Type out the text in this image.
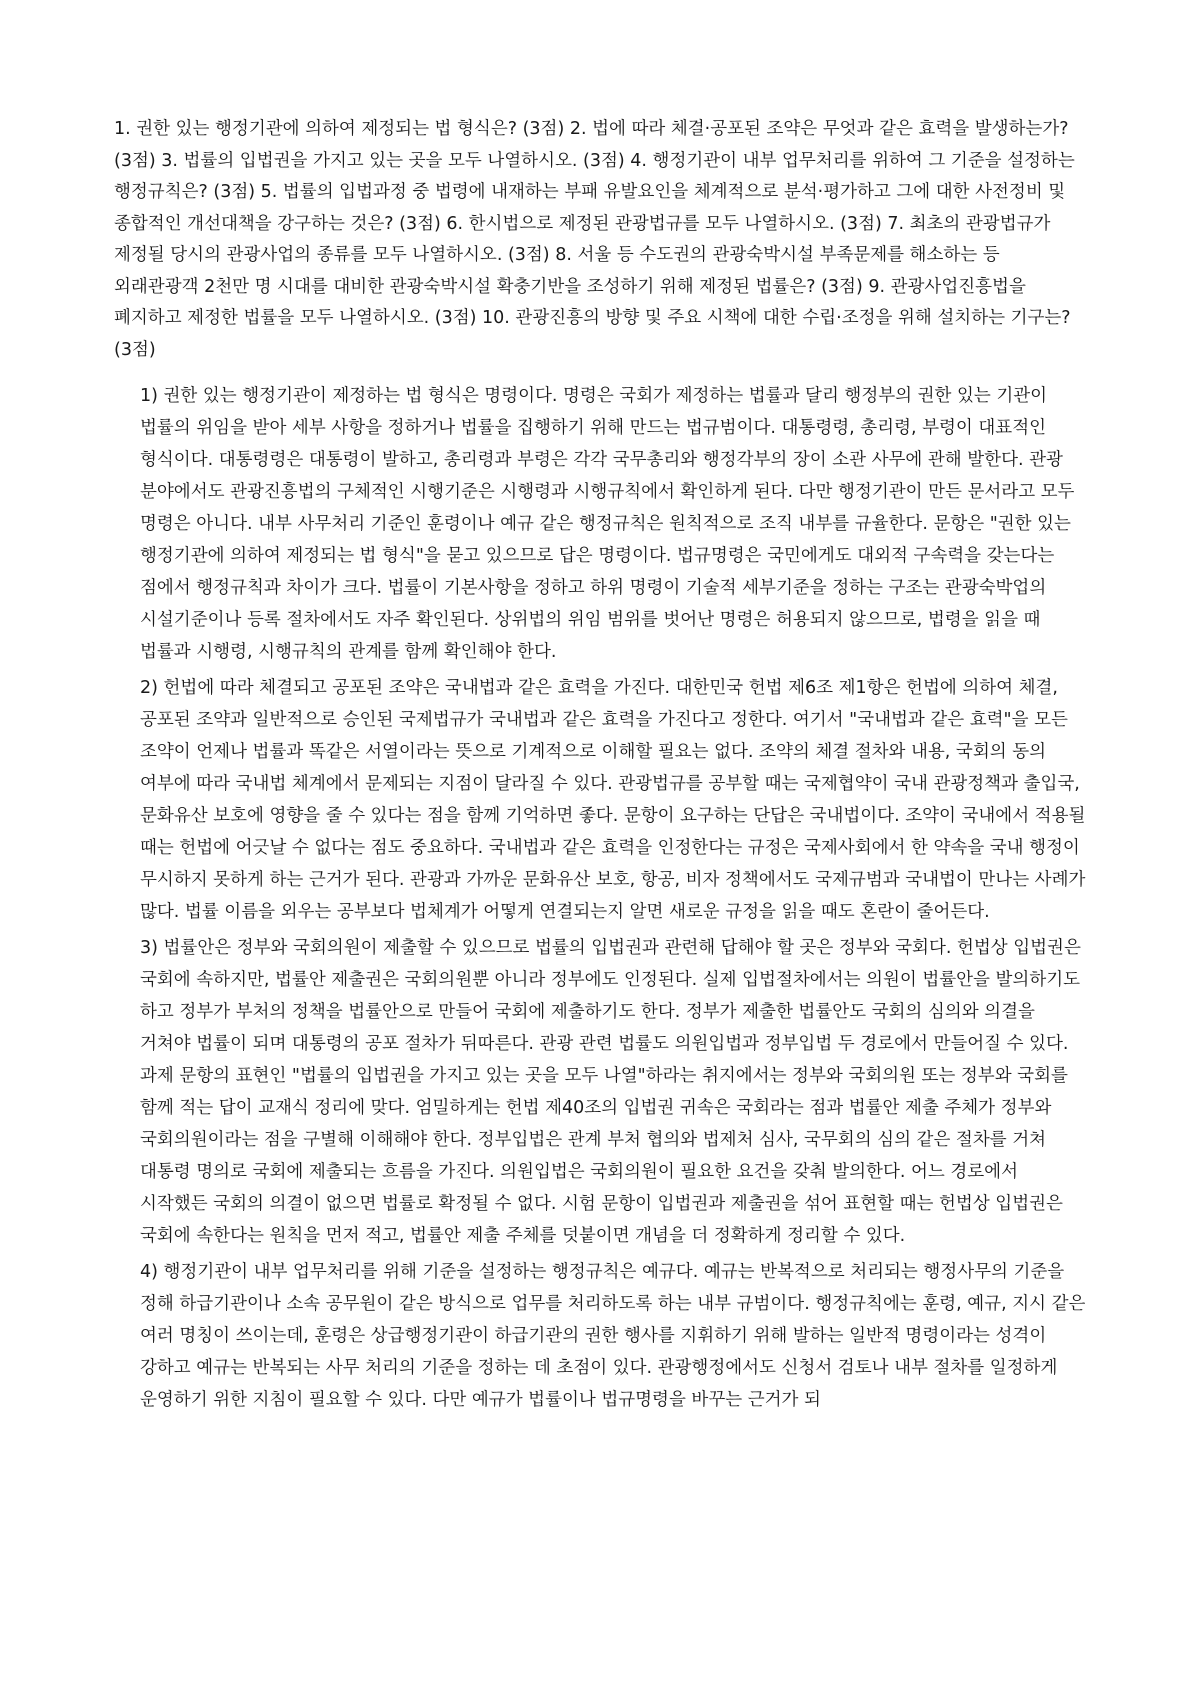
1. 권한 있는 행정기관에 의하여 제정되는 법 형식은? (3점) 2. 법에 따라 체결·공포된 조약은 무엇과 같은 효력을 발생하는가? (3점) 3. 법률의 입법권을 가지고 있는 곳을 모두 나열하시오. (3점) 4. 행정기관이 내부 업무처리를 위하여 그 기준을 설정하는 행정규칙은? (3점) 5. 법률의 입법과정 중 법령에 내재하는 부패 유발요인을 체계적으로 분석·평가하고 그에 대한 사전정비 및 종합적인 개선대책을 강구하는 것은? (3점) 6. 한시법으로 제정된 관광법규를 모두 나열하시오. (3점) 7. 최초의 관광법규가 제정될 당시의 관광사업의 종류를 모두 나열하시오. (3점) 8. 서울 등 수도권의 관광숙박시설 부족문제를 해소하는 등 외래관광객 2천만 명 시대를 대비한 관광숙박시설 확충기반을 조성하기 위해 제정된 법률은? (3점) 9. 관광사업진흥법을 폐지하고 제정한 법률을 모두 나열하시오. (3점) 10. 관광진흥의 방향 및 주요 시책에 대한 수립·조정을 위해 설치하는 기구는? (3점)

1) 권한 있는 행정기관이 제정하는 법 형식은 명령이다. 명령은 국회가 제정하는 법률과 달리 행정부의 권한 있는 기관이 법률의 위임을 받아 세부 사항을 정하거나 법률을 집행하기 위해 만드는 법규범이다. 대통령령, 총리령, 부령이 대표적인 형식이다. 대통령령은 대통령이 발하고, 총리령과 부령은 각각 국무총리와 행정각부의 장이 소관 사무에 관해 발한다. 관광 분야에서도 관광진흥법의 구체적인 시행기준은 시행령과 시행규칙에서 확인하게 된다. 다만 행정기관이 만든 문서라고 모두 명령은 아니다. 내부 사무처리 기준인 훈령이나 예규 같은 행정규칙은 원칙적으로 조직 내부를 규율한다. 문항은 "권한 있는 행정기관에 의하여 제정되는 법 형식"을 묻고 있으므로 답은 명령이다. 법규명령은 국민에게도 대외적 구속력을 갖는다는 점에서 행정규칙과 차이가 크다. 법률이 기본사항을 정하고 하위 명령이 기술적 세부기준을 정하는 구조는 관광숙박업의 시설기준이나 등록 절차에서도 자주 확인된다. 상위법의 위임 범위를 벗어난 명령은 허용되지 않으므로, 법령을 읽을 때 법률과 시행령, 시행규칙의 관계를 함께 확인해야 한다.
2) 헌법에 따라 체결되고 공포된 조약은 국내법과 같은 효력을 가진다. 대한민국 헌법 제6조 제1항은 헌법에 의하여 체결, 공포된 조약과 일반적으로 승인된 국제법규가 국내법과 같은 효력을 가진다고 정한다. 여기서 "국내법과 같은 효력"을 모든 조약이 언제나 법률과 똑같은 서열이라는 뜻으로 기계적으로 이해할 필요는 없다. 조약의 체결 절차와 내용, 국회의 동의 여부에 따라 국내법 체계에서 문제되는 지점이 달라질 수 있다. 관광법규를 공부할 때는 국제협약이 국내 관광정책과 출입국, 문화유산 보호에 영향을 줄 수 있다는 점을 함께 기억하면 좋다. 문항이 요구하는 단답은 국내법이다. 조약이 국내에서 적용될 때는 헌법에 어긋날 수 없다는 점도 중요하다. 국내법과 같은 효력을 인정한다는 규정은 국제사회에서 한 약속을 국내 행정이 무시하지 못하게 하는 근거가 된다. 관광과 가까운 문화유산 보호, 항공, 비자 정책에서도 국제규범과 국내법이 만나는 사례가 많다. 법률 이름을 외우는 공부보다 법체계가 어떻게 연결되는지 알면 새로운 규정을 읽을 때도 혼란이 줄어든다.
3) 법률안은 정부와 국회의원이 제출할 수 있으므로 법률의 입법권과 관련해 답해야 할 곳은 정부와 국회다. 헌법상 입법권은 국회에 속하지만, 법률안 제출권은 국회의원뿐 아니라 정부에도 인정된다. 실제 입법절차에서는 의원이 법률안을 발의하기도 하고 정부가 부처의 정책을 법률안으로 만들어 국회에 제출하기도 한다. 정부가 제출한 법률안도 국회의 심의와 의결을 거쳐야 법률이 되며 대통령의 공포 절차가 뒤따른다. 관광 관련 법률도 의원입법과 정부입법 두 경로에서 만들어질 수 있다. 과제 문항의 표현인 "법률의 입법권을 가지고 있는 곳을 모두 나열"하라는 취지에서는 정부와 국회의원 또는 정부와 국회를 함께 적는 답이 교재식 정리에 맞다. 엄밀하게는 헌법 제40조의 입법권 귀속은 국회라는 점과 법률안 제출 주체가 정부와 국회의원이라는 점을 구별해 이해해야 한다. 정부입법은 관계 부처 협의와 법제처 심사, 국무회의 심의 같은 절차를 거쳐 대통령 명의로 국회에 제출되는 흐름을 가진다. 의원입법은 국회의원이 필요한 요건을 갖춰 발의한다. 어느 경로에서 시작했든 국회의 의결이 없으면 법률로 확정될 수 없다. 시험 문항이 입법권과 제출권을 섞어 표현할 때는 헌법상 입법권은 국회에 속한다는 원칙을 먼저 적고, 법률안 제출 주체를 덧붙이면 개념을 더 정확하게 정리할 수 있다.
4) 행정기관이 내부 업무처리를 위해 기준을 설정하는 행정규칙은 예규다. 예규는 반복적으로 처리되는 행정사무의 기준을 정해 하급기관이나 소속 공무원이 같은 방식으로 업무를 처리하도록 하는 내부 규범이다. 행정규칙에는 훈령, 예규, 지시 같은 여러 명칭이 쓰이는데, 훈령은 상급행정기관이 하급기관의 권한 행사를 지휘하기 위해 발하는 일반적 명령이라는 성격이 강하고 예규는 반복되는 사무 처리의 기준을 정하는 데 초점이 있다. 관광행정에서도 신청서 검토나 내부 절차를 일정하게 운영하기 위한 지침이 필요할 수 있다. 다만 예규가 법률이나 법규명령을 바꾸는 근거가 되
